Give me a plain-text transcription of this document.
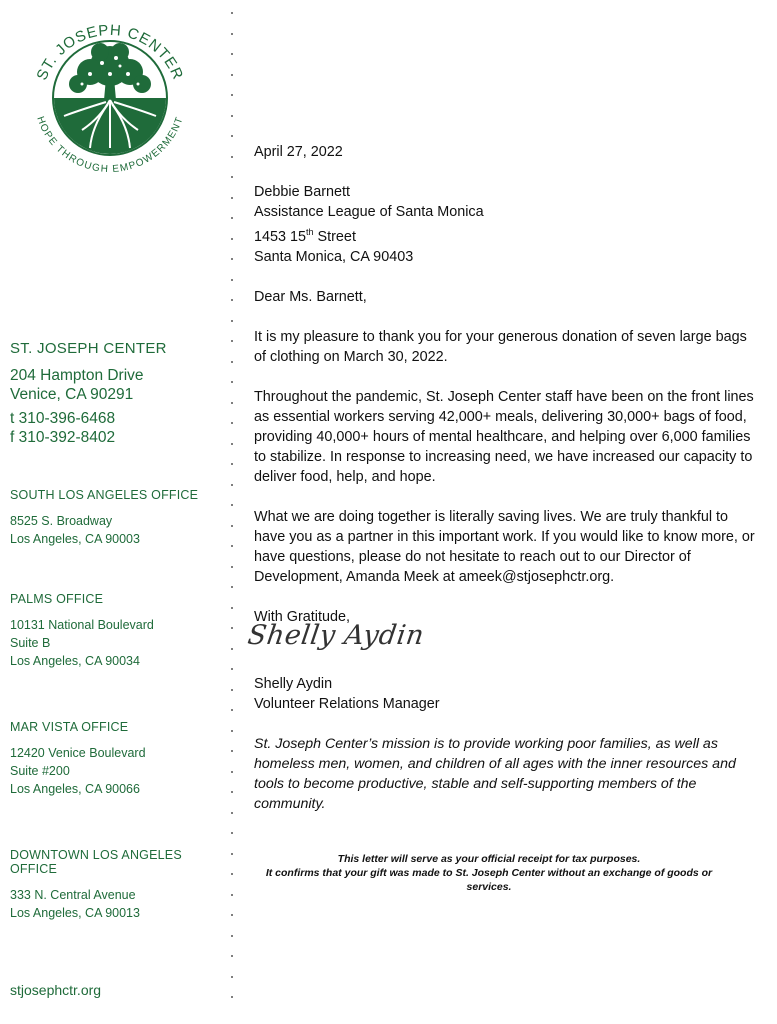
ST. JOSEPH CENTER
HOPE THROUGH EMPOWERMENT
ST. JOSEPH CENTER
204 Hampton Drive
Venice, CA 90291
t 310-396-6468
f 310-392-8402
SOUTH LOS ANGELES OFFICE
8525 S. Broadway
Los Angeles, CA 90003
PALMS OFFICE
10131 National Boulevard
Suite B
Los Angeles, CA 90034
MAR VISTA OFFICE
12420 Venice Boulevard
Suite #200
Los Angeles, CA 90066
DOWNTOWN LOS ANGELES OFFICE
333 N. Central Avenue
Los Angeles, CA 90013
stjosephctr.org

April 27, 2022

Debbie Barnett

Assistance League of Santa Monica

1453 15th Street

Santa Monica, CA 90403

Dear Ms. Barnett,

It is my pleasure to thank you for your generous donation of seven large bags of clothing on March 30, 2022.

Throughout the pandemic, St. Joseph Center staff have been on the front lines as essential workers serving 42,000+ meals, delivering 30,000+ bags of food, providing 40,000+ hours of mental healthcare, and helping over 6,000 families to stabilize. In response to increasing need, we have increased our capacity to deliver food, help, and hope.

What we are doing together is literally saving lives. We are truly thankful to have you as a partner in this important work. If you would like to know more, or have questions, please do not hesitate to reach out to our Director of Development, Amanda Meek at ameek@stjosephctr.org.

With Gratitude,

Shelly Aydin
Shelly Aydin
Volunteer Relations Manager
St. Joseph Center’s mission is to provide working poor families, as well as homeless men, women, and children of all ages with the inner resources and tools to become productive, stable and self-supporting members of the community.
This letter will serve as your official receipt for tax purposes.
It confirms that your gift was made to St. Joseph Center without an exchange of goods or services.
